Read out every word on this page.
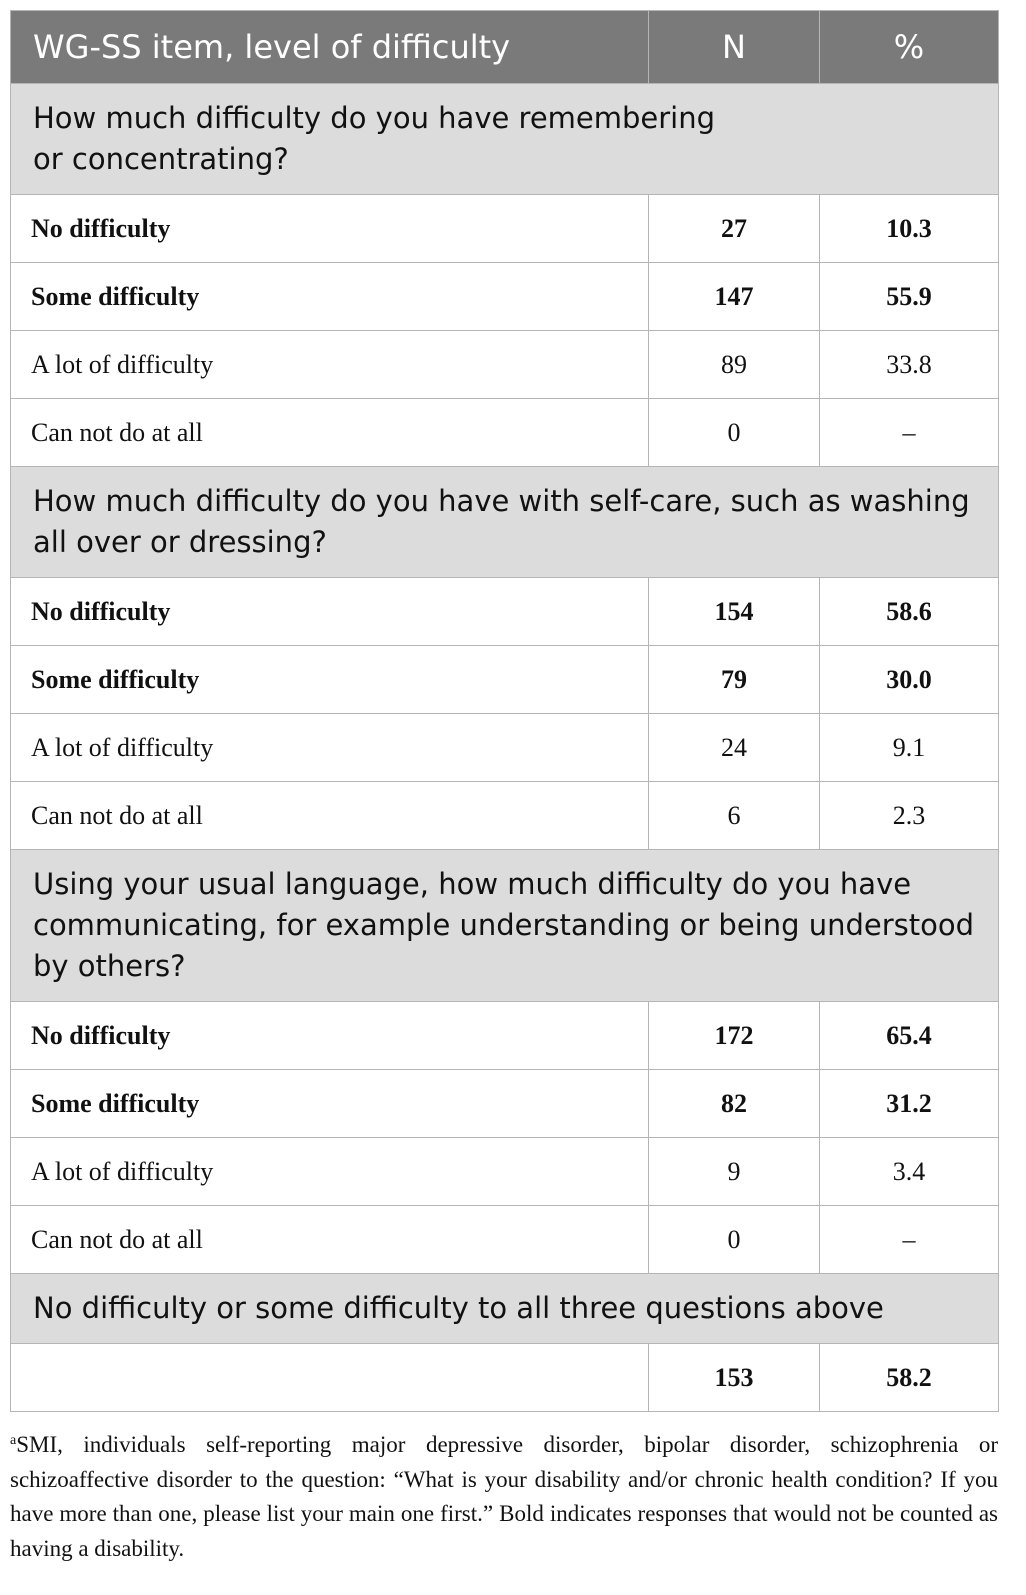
WG-SS item, level of difficulty	N	%
How much difficulty do you have remembering or concentrating?		
No difficulty	27	10.3
Some difficulty	147	55.9
A lot of difficulty	89	33.8
Can not do at all	0	–
How much difficulty do you have with self-care, such as washing all over or dressing?		
No difficulty	154	58.6
Some difficulty	79	30.0
A lot of difficulty	24	9.1
Can not do at all	6	2.3
Using your usual language, how much difficulty do you have communicating, for example understanding or being understood by others?		
No difficulty	172	65.4
Some difficulty	82	31.2
A lot of difficulty	9	3.4
Can not do at all	0	–
No difficulty or some difficulty to all three questions above		
	153	58.2
$^a$SMI, individuals self-reporting major depressive disorder, bipolar disorder, schizophrenia or schizoaffective disorder to the question: “What is your disability and/or chronic health condition? If you have more than one, please list your main one first.” Bold indicates responses that would not be counted as having a disability.
